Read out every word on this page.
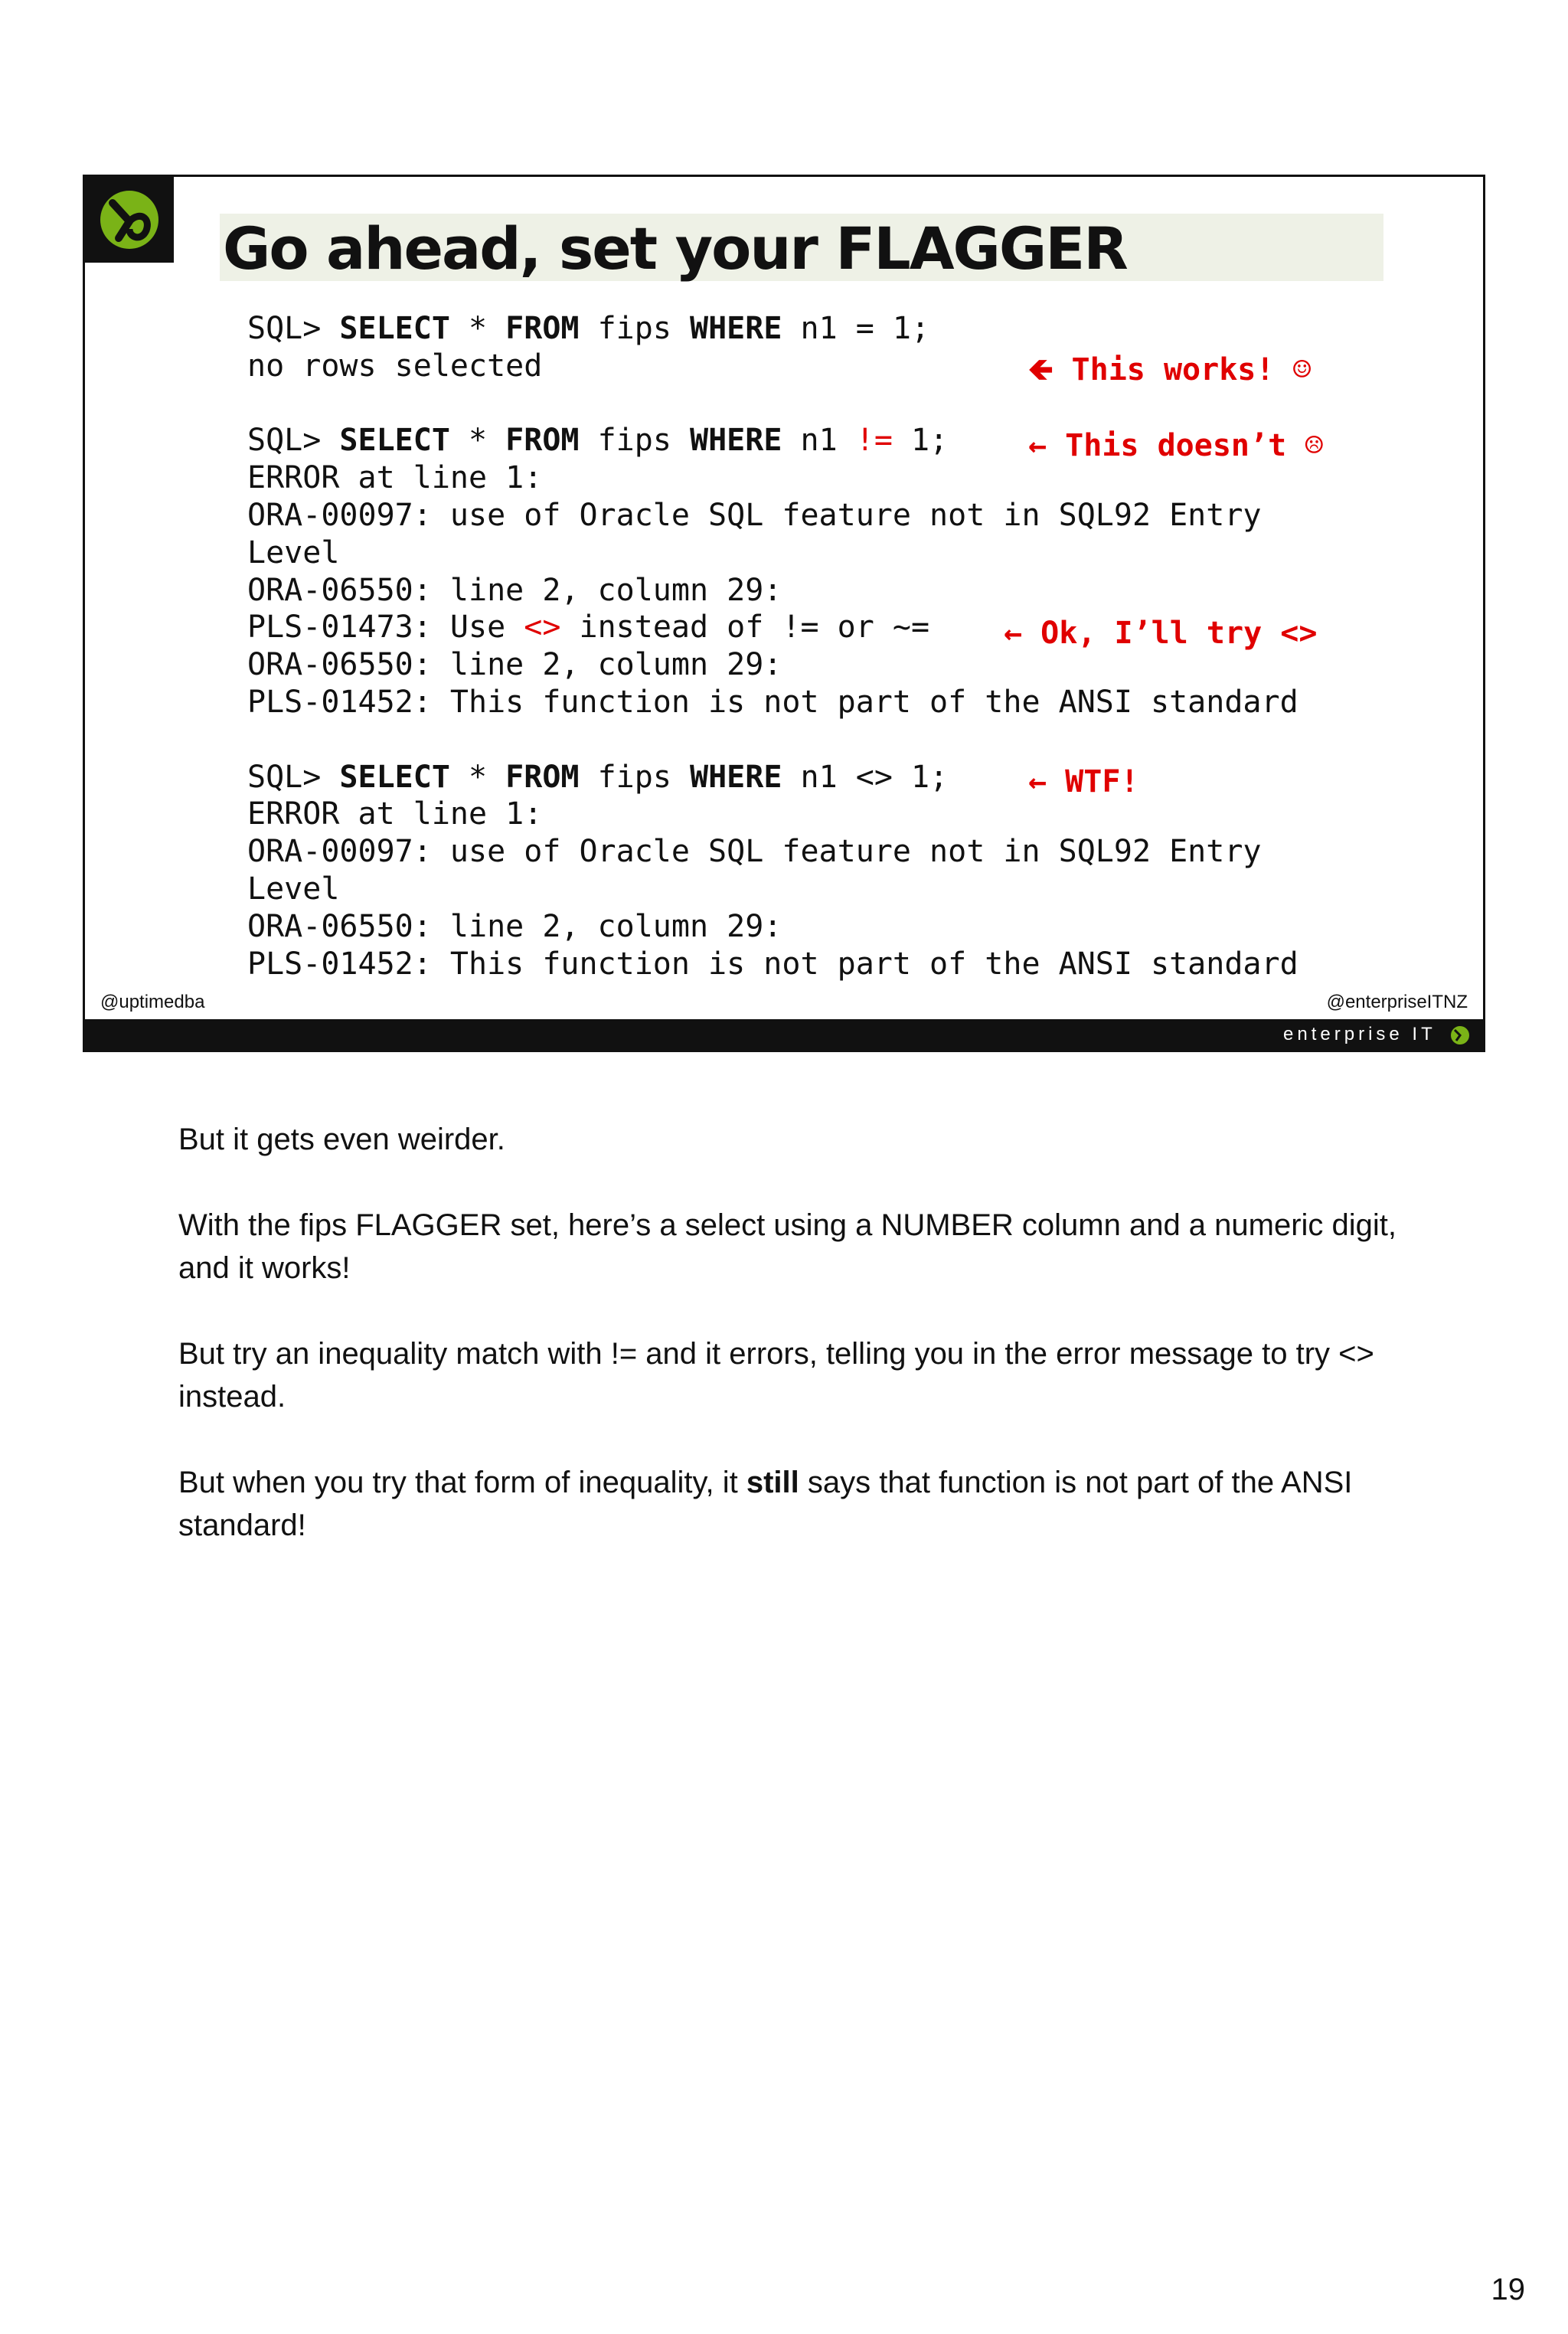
Go ahead, set your FLAGGER
SQL> SELECT * FROM fips WHERE n1 = 1;
no rows selected
SQL> SELECT * FROM fips WHERE n1 != 1;
ERROR at line 1:
ORA-00097: use of Oracle SQL feature not in SQL92 Entry
Level
ORA-06550: line 2, column 29:
PLS-01473: Use <> instead of != or ~=
ORA-06550: line 2, column 29:
PLS-01452: This function is not part of the ANSI standard
SQL> SELECT * FROM fips WHERE n1 <> 1;
ERROR at line 1:
ORA-00097: use of Oracle SQL feature not in SQL92 Entry
Level
ORA-06550: line 2, column 29:
PLS-01452: This function is not part of the ANSI standard
🡸 This works! ☺
← This doesn’t ☹
← Ok, I’ll try <>
← WTF!
@uptimedba	@enterpriseITNZ
enterprise IT

But it gets even weirder.

With the fips FLAGGER set, here’s a select using a NUMBER column and a numeric digit, and it works!

But try an inequality match with != and it errors, telling you in the error message to try <> instead.

But when you try that form of inequality, it still says that function is not part of the ANSI standard!

19
